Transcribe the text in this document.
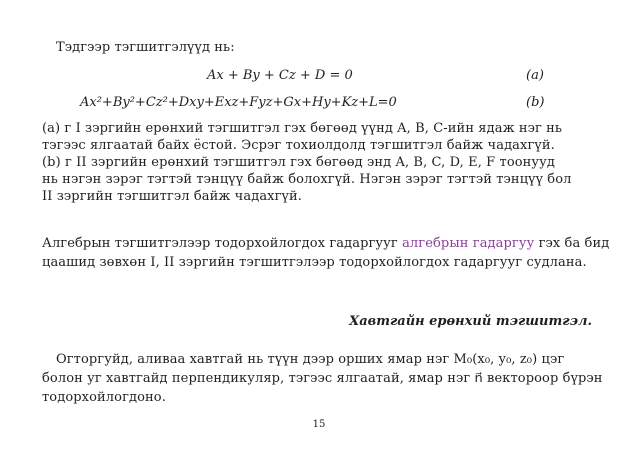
Тэдгээр тэгшитгэлүүд нь:
Ax + By + Cz + D = 0	(a)
Ax²+By²+Cz²+Dxy+Exz+Fyz+Gx+Hy+Kz+L=0	(b)
(a) г I зэргийн ерөнхий тэгшитгэл гэх бөгөөд үүнд A, B, C-ийн ядаж нэг нь
тэгээс ялгаатай байх ёстой. Эсрэг тохиолдолд тэгшитгэл байж чадахгүй.
(b) г II зэргийн ерөнхий тэгшитгэл гэх бөгөөд энд A, B, C, D, E, F тоонууд
нь нэгэн зэрэг тэгтэй тэнцүү байж болохгүй. Нэгэн зэрэг тэгтэй тэнцүү бол
II зэргийн тэгшитгэл байж чадахгүй.
Алгебрын тэгшитгэлээр тодорхойлогдох гадаргууг алгебрын гадаргуу гэх ба бид
цаашид зөвхөн I, II зэргийн тэгшитгэлээр тодорхойлогдох гадаргууг судлана.
Хавтгайн ерөнхий тэгшитгэл.
Огторгуйд, аливаа хавтгай нь түүн дээр орших ямар нэг M₀(x₀, y₀, z₀) цэг
болон уг хавтгайд перпендикуляр, тэгээс ялгаатай, ямар нэг n⃗ вектороор бүрэн
тодорхойлогдоно.
15
